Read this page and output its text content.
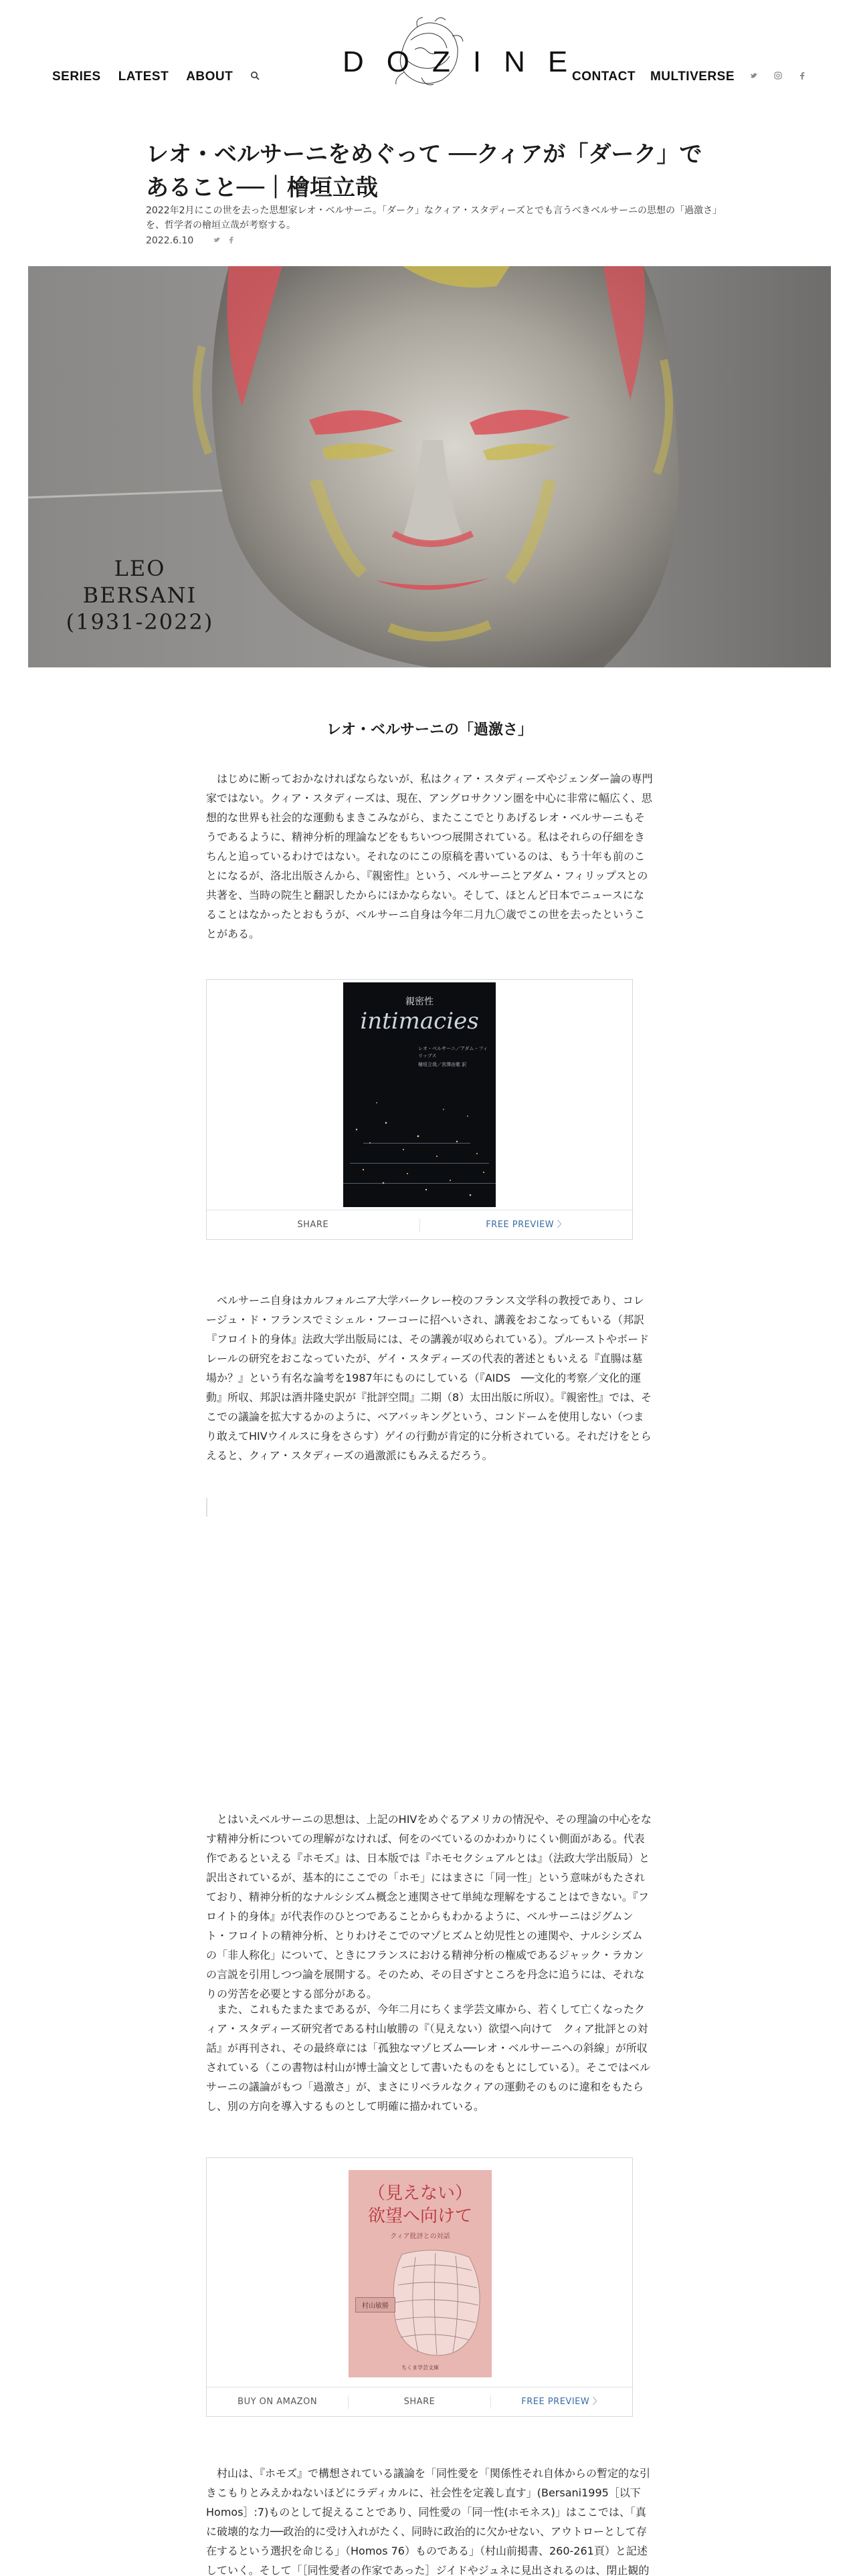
SERIES LATEST ABOUT	DOZINE
CONTACT MULTIVERSE
レオ・ベルサーニをめぐって ──クィアが「ダーク」であること──｜檜垣立哉

2022年2月にこの世を去った思想家レオ・ベルサーニ。「ダーク」なクィア・スタディーズとでも言うべきベルサーニの思想の「過激さ」を、哲学者の檜垣立哉が考察する。

2022.6.10
LEO BERSANI
(1931-2022)
レオ・ベルサーニの「過激さ」

はじめに断っておかなければならないが、私はクィア・スタディーズやジェンダー論の専門家ではない。クィア・スタディーズは、現在、アングロサクソン圏を中心に非常に幅広く、思想的な世界も社会的な運動もまきこみながら、またここでとりあげるレオ・ベルサーニもそうであるように、精神分析的理論などをもちいつつ展開されている。私はそれらの仔細をきちんと追っているわけではない。それなのにこの原稿を書いているのは、もう十年も前のことになるが、洛北出版さんから、『親密性』という、ベルサーニとアダム・フィリップスとの共著を、当時の院生と翻訳したからにほかならない。そして、ほとんど日本でニュースになることはなかったとおもうが、ベルサーニ自身は今年二月九〇歳でこの世を去ったということがある。

親密性
intimacies
レオ・ベルサーニ／アダム・フィリップス
檜垣立哉／宮澤由歌 訳
SHARE	FREE PREVIEW 〉

ベルサーニ自身はカルフォルニア大学バークレー校のフランス文学科の教授であり、コレージュ・ド・フランスでミシェル・フーコーに招へいされ、講義をおこなってもいる（邦訳『フロイト的身体』法政大学出版局には、その講義が収められている）。プルーストやボードレールの研究をおこなっていたが、ゲイ・スタディーズの代表的著述ともいえる『直腸は墓場か？』という有名な論考を1987年にものにしている（『AIDS　──文化的考察／文化的運動』所収、邦訳は酒井隆史訳が『批評空間』二期（8）太田出版に所収）。『親密性』では、そこでの議論を拡大するかのように、ベアバッキングという、コンドームを使用しない（つまり敢えてHIVウイルスに身をさらす）ゲイの行動が肯定的に分析されている。それだけをとらえると、クィア・スタディーズの過激派にもみえるだろう。

とはいえベルサーニの思想は、上記のHIVをめぐるアメリカの情況や、その理論の中心をなす精神分析についての理解がなければ、何をのべているのかわかりにくい側面がある。代表作であるといえる『ホモズ』は、日本版では『ホモセクシュアルとは』（法政大学出版局）と訳出されているが、基本的にここでの「ホモ」にはまさに「同一性」という意味がもたされており、精神分析的なナルシシズム概念と連関させて単純な理解をすることはできない。『フロイト的身体』が代表作のひとつであることからもわかるように、ベルサーニはジグムント・フロイトの精神分析、とりわけそこでのマゾヒズムと幼児性との連関や、ナルシシズムの「非人称化」について、ときにフランスにおける精神分析の権威であるジャック・ラカンの言説を引用しつつ論を展開する。そのため、その目ざすところを丹念に追うには、それなりの労苦を必要とする部分がある。

また、これもたまたまであるが、今年二月にちくま学芸文庫から、若くして亡くなったクィア・スタディーズ研究者である村山敏勝の『（見えない）欲望へ向けて　クィア批評との対話』が再刊され、その最終章には「孤独なマゾヒズム──レオ・ベルサーニへの斜線」が所収されている（この書物は村山が博士論文として書いたものをもとにしている）。そこではベルサーニの議論がもつ「過激さ」が、まさにリベラルなクィアの運動そのものに違和をもたらし、別の方向を導入するものとして明確に描かれている。

（見えない）
欲望へ向けて
クィア批評との対話
村山敏勝
ちくま学芸文庫
BUY ON AMAZON	SHARE	FREE PREVIEW 〉

村山は、『ホモズ』で構想されている議論を「同性愛を「関係性それ自体からの暫定的な引きこもりとみえかねないほどにラディカルに、社会性を定義し直す」(Bersani1995［以下Homos］:7)ものとして捉えることであり、同性愛の「同一性(ホモネス)」はここでは、「真に破壊的な力──政治的に受け入れがたく、同時に政治的に欠かせない、アウトローとして存在するという選択を命じる」（Homos 76）ものである」（村山前掲書、260-261頁）と記述していく。そして「［同性愛者の作家であった］ジイドやジュネに見出されるのは、閉止観的
